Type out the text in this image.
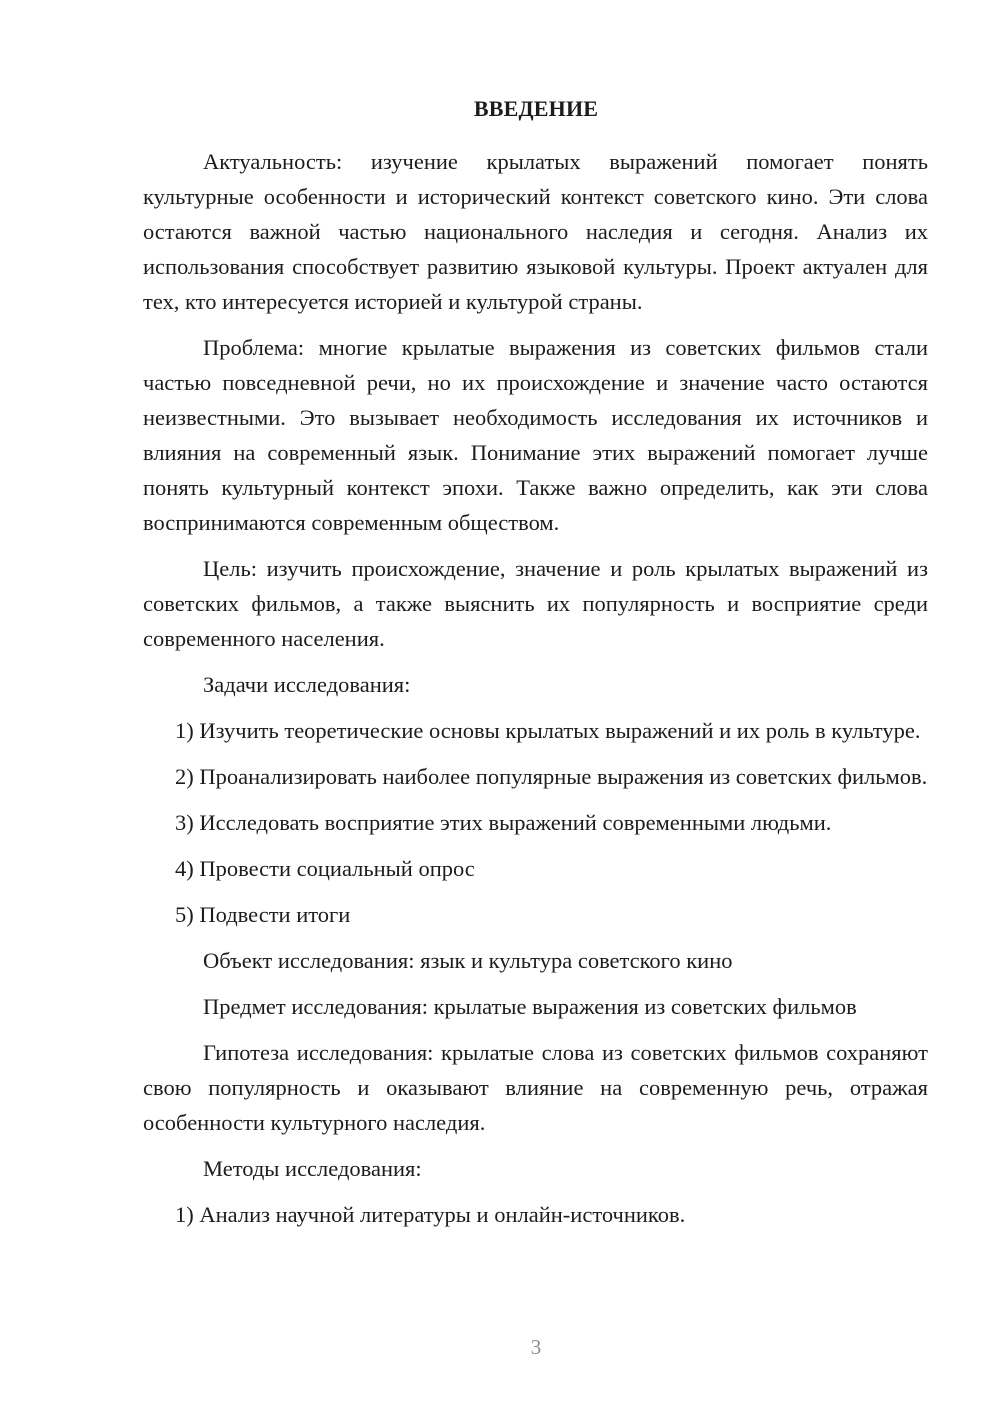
ВВЕДЕНИЕ

Актуальность: изучение крылатых выражений помогает понять культурные особенности и исторический контекст советского кино. Эти слова остаются важной частью национального наследия и сегодня. Анализ их использования способствует развитию языковой культуры. Проект актуален для тех, кто интересуется историей и культурой страны.

Проблема: многие крылатые выражения из советских фильмов стали частью повседневной речи, но их происхождение и значение часто остаются неизвестными. Это вызывает необходимость исследования их источников и влияния на современный язык. Понимание этих выражений помогает лучше понять культурный контекст эпохи. Также важно определить, как эти слова воспринимаются современным обществом.

Цель: изучить происхождение, значение и роль крылатых выражений из советских фильмов, а также выяснить их популярность и восприятие среди современного населения.

Задачи исследования:

1) Изучить теоретические основы крылатых выражений и их роль в культуре.

2) Проанализировать наиболее популярные выражения из советских фильмов.

3) Исследовать восприятие этих выражений современными людьми.

4) Провести социальный опрос

5) Подвести итоги

Объект исследования: язык и культура советского кино

Предмет исследования: крылатые выражения из советских фильмов

Гипотеза исследования: крылатые слова из советских фильмов сохраняют свою популярность и оказывают влияние на современную речь, отражая особенности культурного наследия.

Методы исследования:

1) Анализ научной литературы и онлайн-источников.

3
